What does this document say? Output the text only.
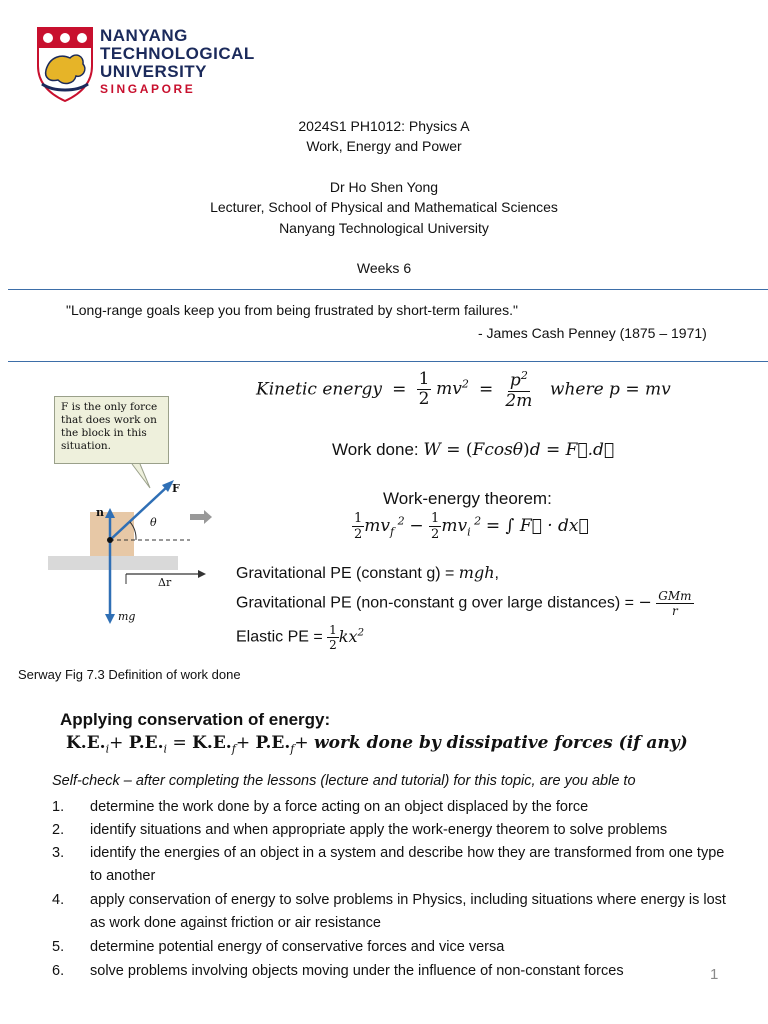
NANYANG
TECHNOLOGICAL
UNIVERSITY
SINGAPORE
2024S1 PH1012: Physics A
Work, Energy and Power
Dr Ho Shen Yong
Lecturer, School of Physical and Mathematical Sciences
Nanyang Technological University
Weeks 6
"Long-range goals keep you from being frustrated by short-term failures."
- James Cash Penney (1875 – 1971)
F is the only force that does work on the block in this situation.
F
n
θ
Δr
mg
Kinetic energy  = $\frac{1}{2} mv^2 = \frac{p^2}{2m}$ where p = mv
Work done: W = (Fcosθ)d = F⃗.d⃗
Work-energy theorem:
$\frac{1}{2} mv_f$ $^2 - \frac{1}{2} mv_i$ $^2$ = ∫ F⃗ · dx⃗
Gravitational PE (constant g) = mgh,
Gravitational PE (non-constant g over large distances) = − $\frac{\text{GMm}}{r}$
Elastic PE = $\frac{1}{2} kx^2$
Serway Fig 7.3 Definition of work done
Applying conservation of energy:
$K.E._i+ P.E._i = K.E._f+ P.E._f+$ work done by dissipative forces (if any)
Self-check – after completing the lessons (lecture and tutorial) for this topic, are you able to
1.	determine the work done by a force acting on an object displaced by the force
2.	identify situations and when appropriate apply the work-energy theorem to solve problems
3.	identify the energies of an object in a system and describe how they are transformed from one type to another
4.	apply conservation of energy to solve problems in Physics, including situations where energy is lost as work done against friction or air resistance
5.	determine potential energy of conservative forces and vice versa
6.	solve problems involving objects moving under the influence of non-constant forces	1
